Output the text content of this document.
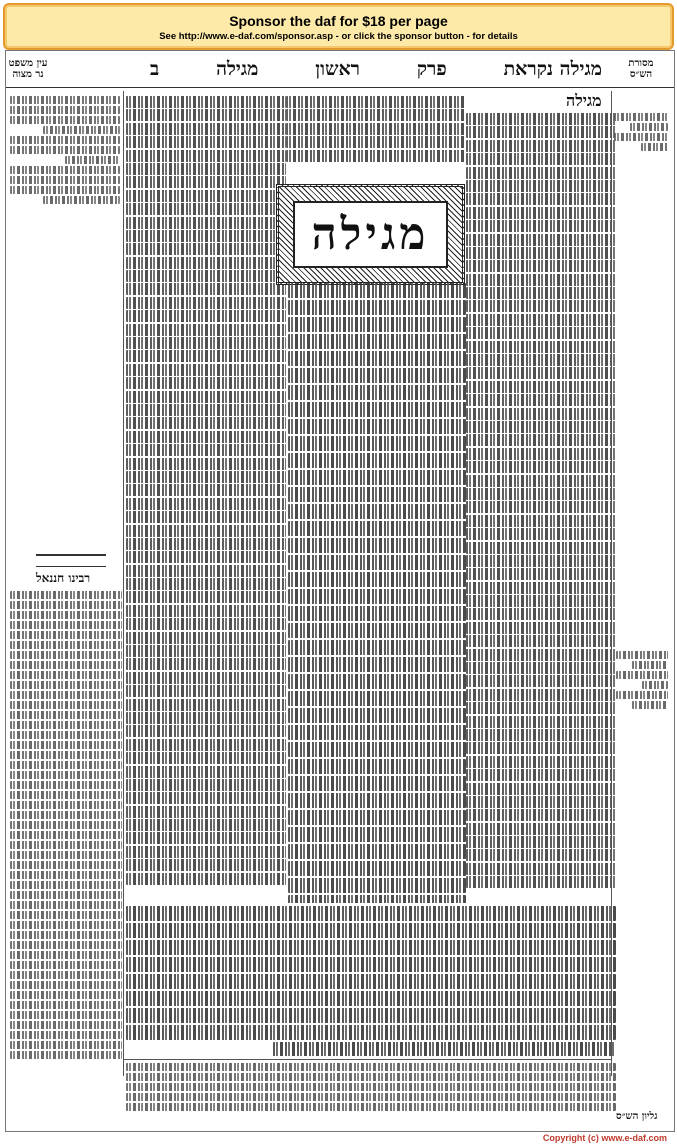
Sponsor the daf for $18 per page
See http://www.e-daf.com/sponsor.asp - or click the sponsor button - for details
מסורת
הש״ס
מגילה נקראת
פרק
ראשון
מגילה
ב
עין משפט
נר מצוה
מגילה
מגילה
רבינו חננאל
גליון הש״ס
Copyright (c) www.e-daf.com
